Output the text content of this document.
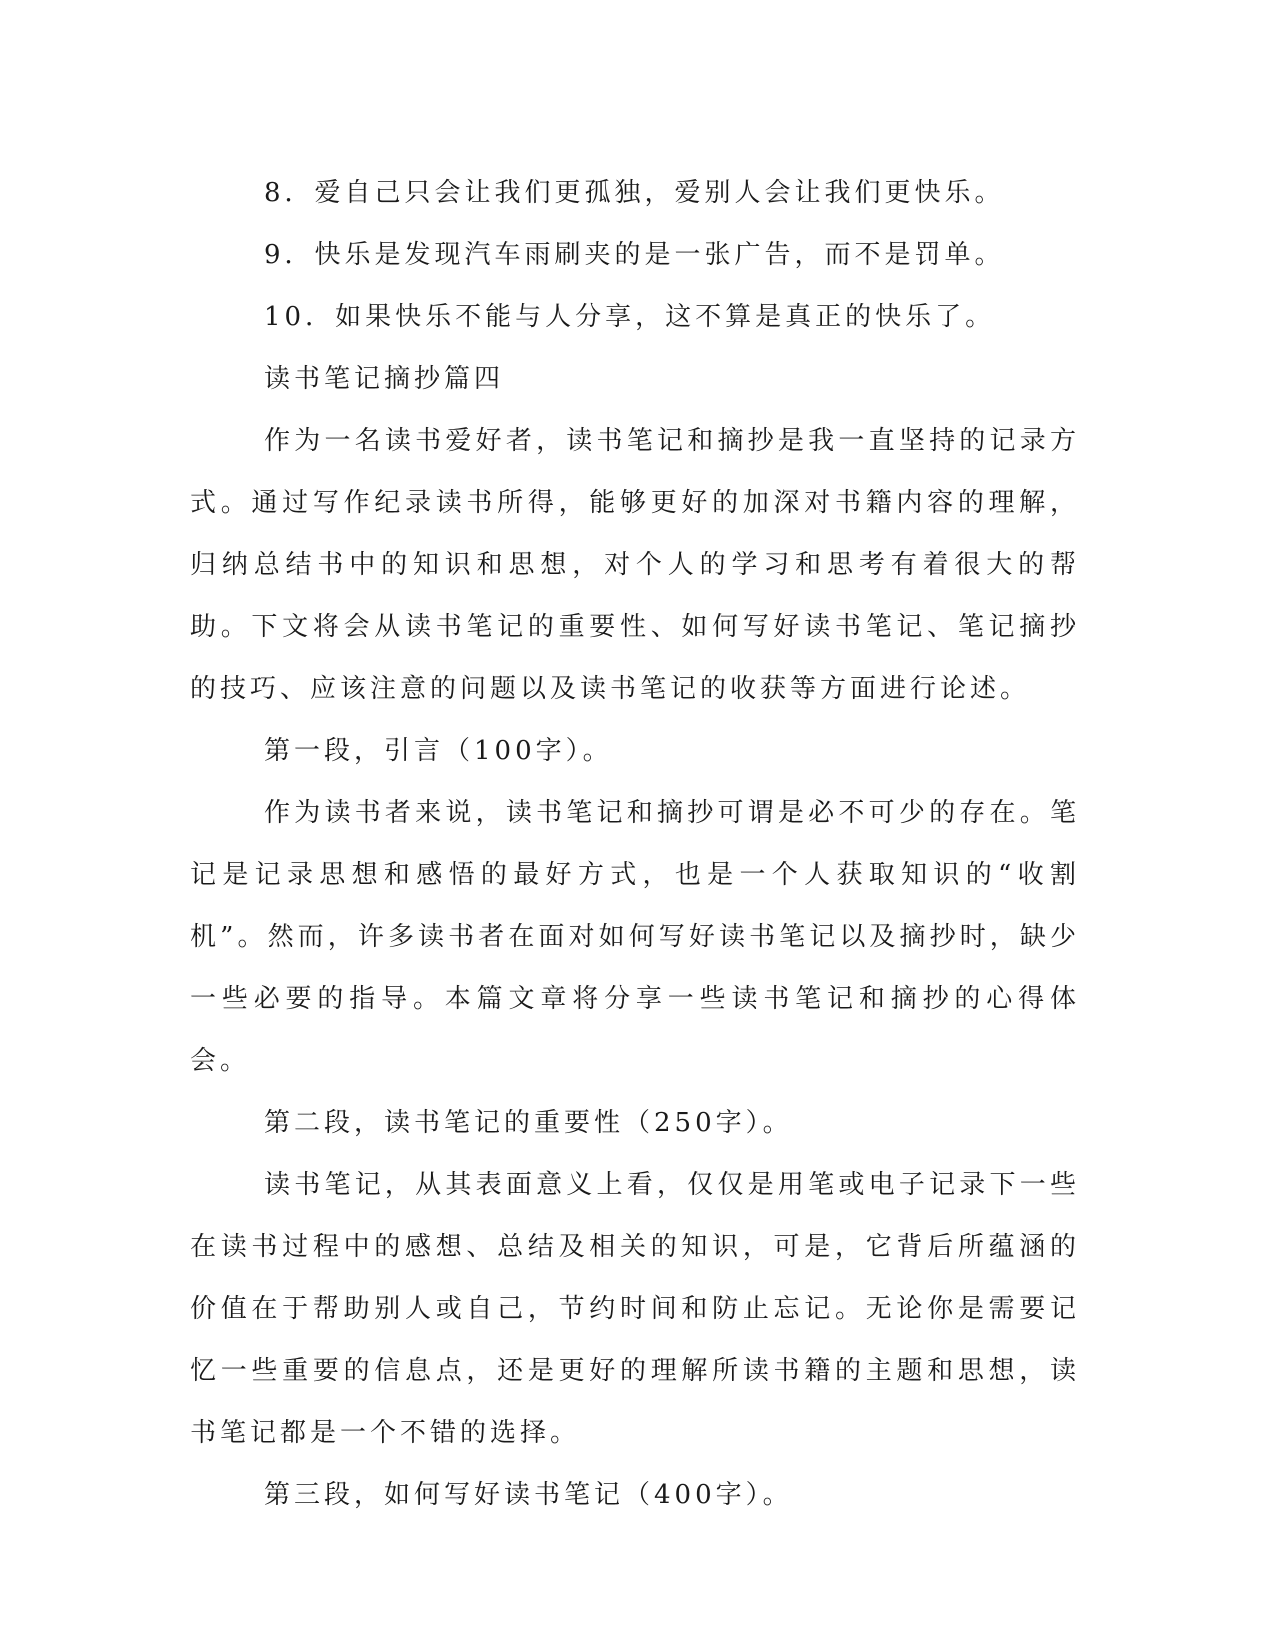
8．爱自己只会让我们更孤独，爱别人会让我们更快乐。

9．快乐是发现汽车雨刷夹的是一张广告，而不是罚单。

10．如果快乐不能与人分享，这不算是真正的快乐了。

读书笔记摘抄篇四

作为一名读书爱好者，读书笔记和摘抄是我一直坚持的记录方式。通过写作纪录读书所得，能够更好的加深对书籍内容的理解，归纳总结书中的知识和思想，对个人的学习和思考有着很大的帮助。下文将会从读书笔记的重要性、如何写好读书笔记、笔记摘抄的技巧、应该注意的问题以及读书笔记的收获等方面进行论述。

第一段，引言（100字）。

作为读书者来说，读书笔记和摘抄可谓是必不可少的存在。笔记是记录思想和感悟的最好方式，也是一个人获取知识的“收割机”。然而，许多读书者在面对如何写好读书笔记以及摘抄时，缺少一些必要的指导。本篇文章将分享一些读书笔记和摘抄的心得体会。

第二段，读书笔记的重要性（250字）。

读书笔记，从其表面意义上看，仅仅是用笔或电子记录下一些在读书过程中的感想、总结及相关的知识，可是，它背后所蕴涵的价值在于帮助别人或自己，节约时间和防止忘记。无论你是需要记忆一些重要的信息点，还是更好的理解所读书籍的主题和思想，读书笔记都是一个不错的选择。

第三段，如何写好读书笔记（400字）。
